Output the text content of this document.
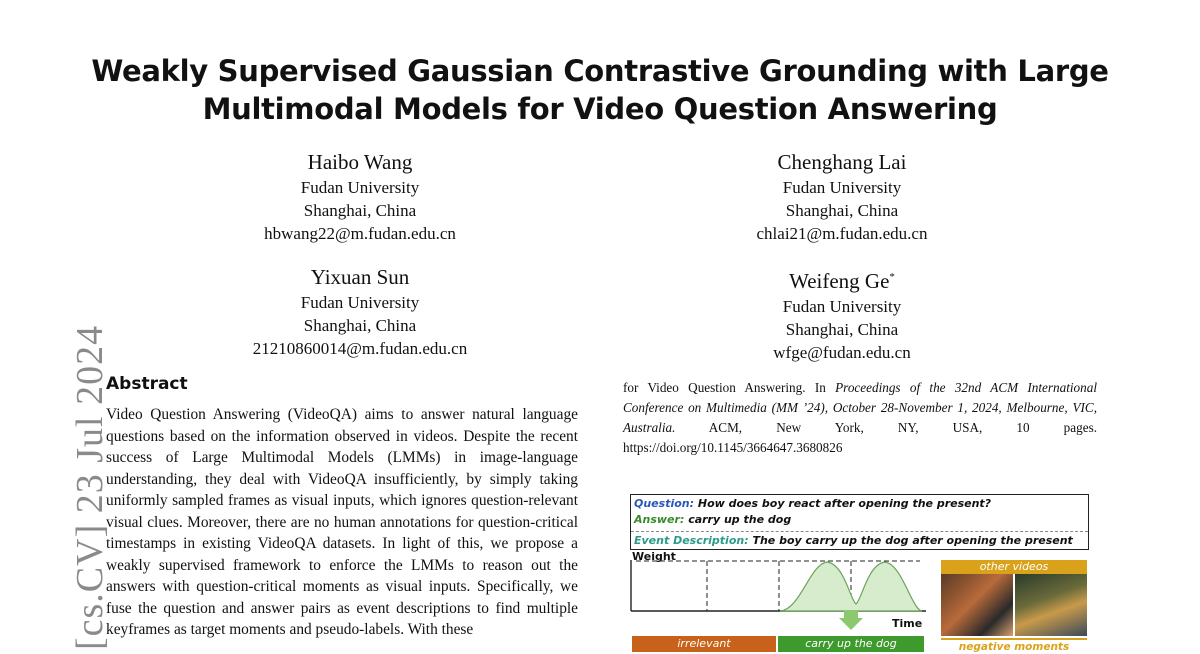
[cs.CV] 23 Jul 2024
Weakly Supervised Gaussian Contrastive Grounding with Large
Multimodal Models for Video Question Answering
Haibo Wang
Fudan University
Shanghai, China
hbwang22@m.fudan.edu.cn
Chenghang Lai
Fudan University
Shanghai, China
chlai21@m.fudan.edu.cn
Yixuan Sun
Fudan University
Shanghai, China
21210860014@m.fudan.edu.cn
Weifeng Ge*
Fudan University
Shanghai, China
wfge@fudan.edu.cn
Abstract
Video Question Answering (VideoQA) aims to answer natural language questions based on the information observed in videos. Despite the recent success of Large Multimodal Models (LMMs) in image-language understanding, they deal with VideoQA insufficiently, by simply taking uniformly sampled frames as visual inputs, which ignores question-relevant visual clues. Moreover, there are no human annotations for question-critical timestamps in existing VideoQA datasets. In light of this, we propose a weakly supervised framework to enforce the LMMs to reason out the answers with question-critical moments as visual inputs. Specifically, we fuse the question and answer pairs as event descriptions to find multiple keyframes as target moments and pseudo-labels. With these
for Video Question Answering. In Proceedings of the 32nd ACM International Conference on Multimedia (MM ’24), October 28-November 1, 2024, Melbourne, VIC, Australia. ACM, New York, NY, USA, 10 pages. https://doi.org/10.1145/3664647.3680826
Question: How does boy react after opening the present?
Answer: carry up the dog
Event Description: The boy carry up the dog after opening the present
Weight
Time
irrelevant	carry up the dog
other videos
negative moments
